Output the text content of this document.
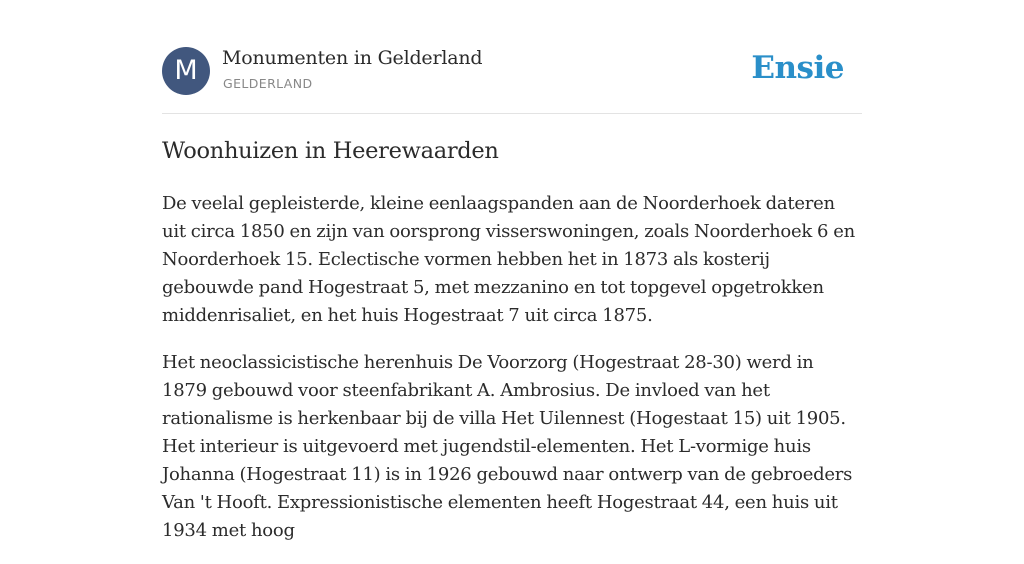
M	Monumenten in Gelderland
GELDERLAND	Ensie
Woonhuizen in Heerewaarden

De veelal gepleisterde, kleine eenlaagspanden aan de Noorderhoek dateren uit circa 1850 en zijn van oorsprong visserswoningen, zoals Noorderhoek 6 en Noorderhoek 15. Eclectische vormen hebben het in 1873 als kosterij gebouwde pand Hogestraat 5, met mezzanino en tot topgevel opgetrokken middenrisaliet, en het huis Hogestraat 7 uit circa 1875.

Het neoclassicistische herenhuis De Voorzorg (Hogestraat 28-30) werd in 1879 gebouwd voor steenfabrikant A. Ambrosius. De invloed van het rationalisme is herkenbaar bij de villa Het Uilennest (Hogestaat 15) uit 1905. Het interieur is uitgevoerd met jugendstil-elementen. Het L-vormige huis Johanna (Hogestraat 11) is in 1926 gebouwd naar ontwerp van de gebroeders Van 't Hooft. Expressionistische elementen heeft Hogestraat 44, een huis uit 1934 met hoog
